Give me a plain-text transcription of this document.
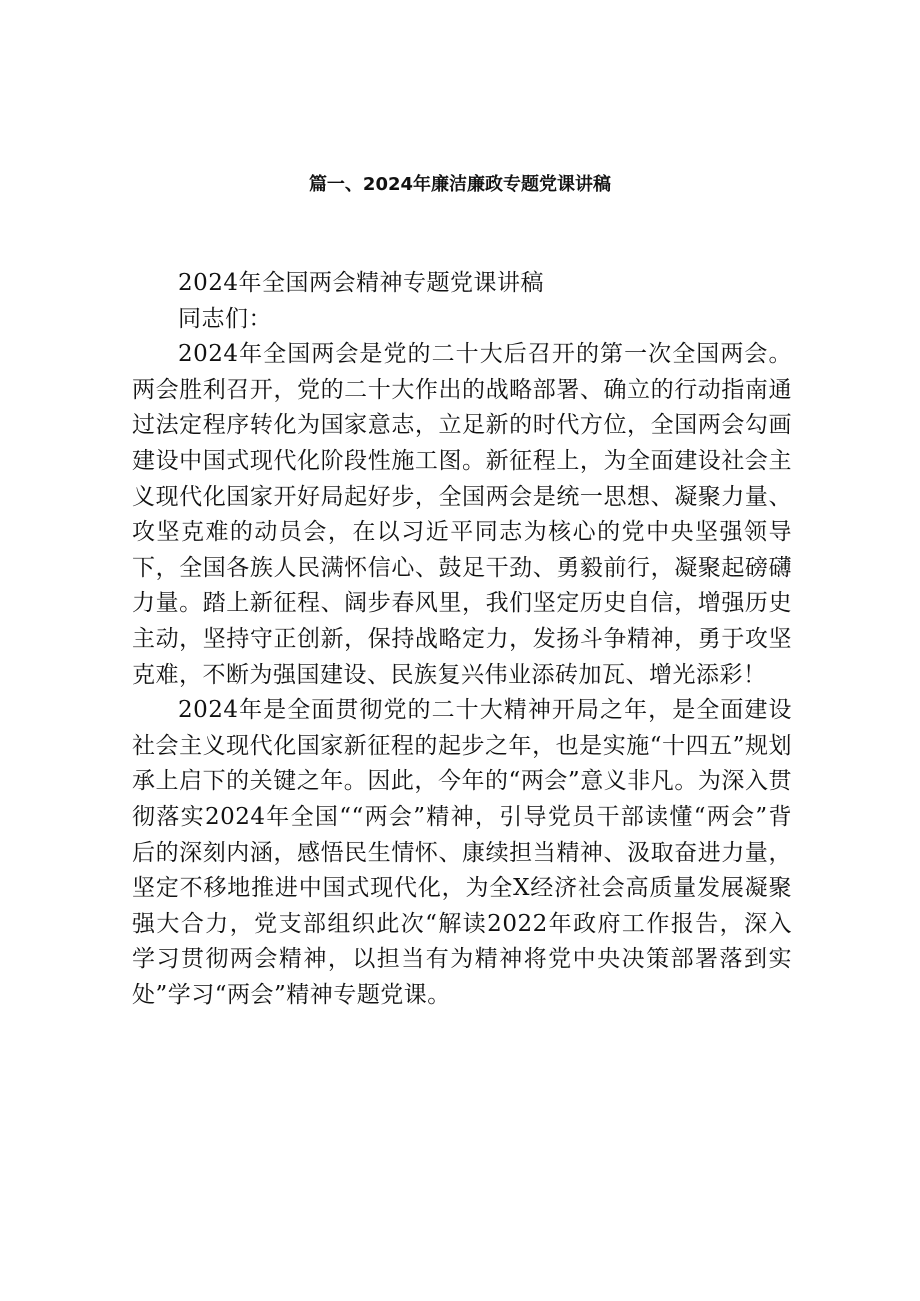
篇一、2024年廉洁廉政专题党课讲稿

2024年全国两会精神专题党课讲稿

同志们：

2024年全国两会是党的二十大后召开的第一次全国两会。两会胜利召开，党的二十大作出的战略部署、确立的行动指南通过法定程序转化为国家意志，立足新的时代方位，全国两会勾画建设中国式现代化阶段性施工图。新征程上，为全面建设社会主义现代化国家开好局起好步，全国两会是统一思想、凝聚力量、攻坚克难的动员会，在以习近平同志为核心的党中央坚强领导下，全国各族人民满怀信心、鼓足干劲、勇毅前行，凝聚起磅礴力量。踏上新征程、阔步春风里，我们坚定历史自信，增强历史主动，坚持守正创新，保持战略定力，发扬斗争精神，勇于攻坚克难，不断为强国建设、民族复兴伟业添砖加瓦、增光添彩！

2024年是全面贯彻党的二十大精神开局之年，是全面建设社会主义现代化国家新征程的起步之年，也是实施“十四五”规划承上启下的关键之年。因此，今年的“两会”意义非凡。为深入贯彻落实2024年全国““两会”精神，引导党员干部读懂“两会”背后的深刻内涵，感悟民生情怀、康续担当精神、汲取奋进力量，坚定不移地推进中国式现代化，为全X经济社会高质量发展凝聚强大合力，党支部组织此次“解读2022年政府工作报告，深入学习贯彻两会精神，以担当有为精神将党中央决策部署落到实处”学习“两会”精神专题党课。
